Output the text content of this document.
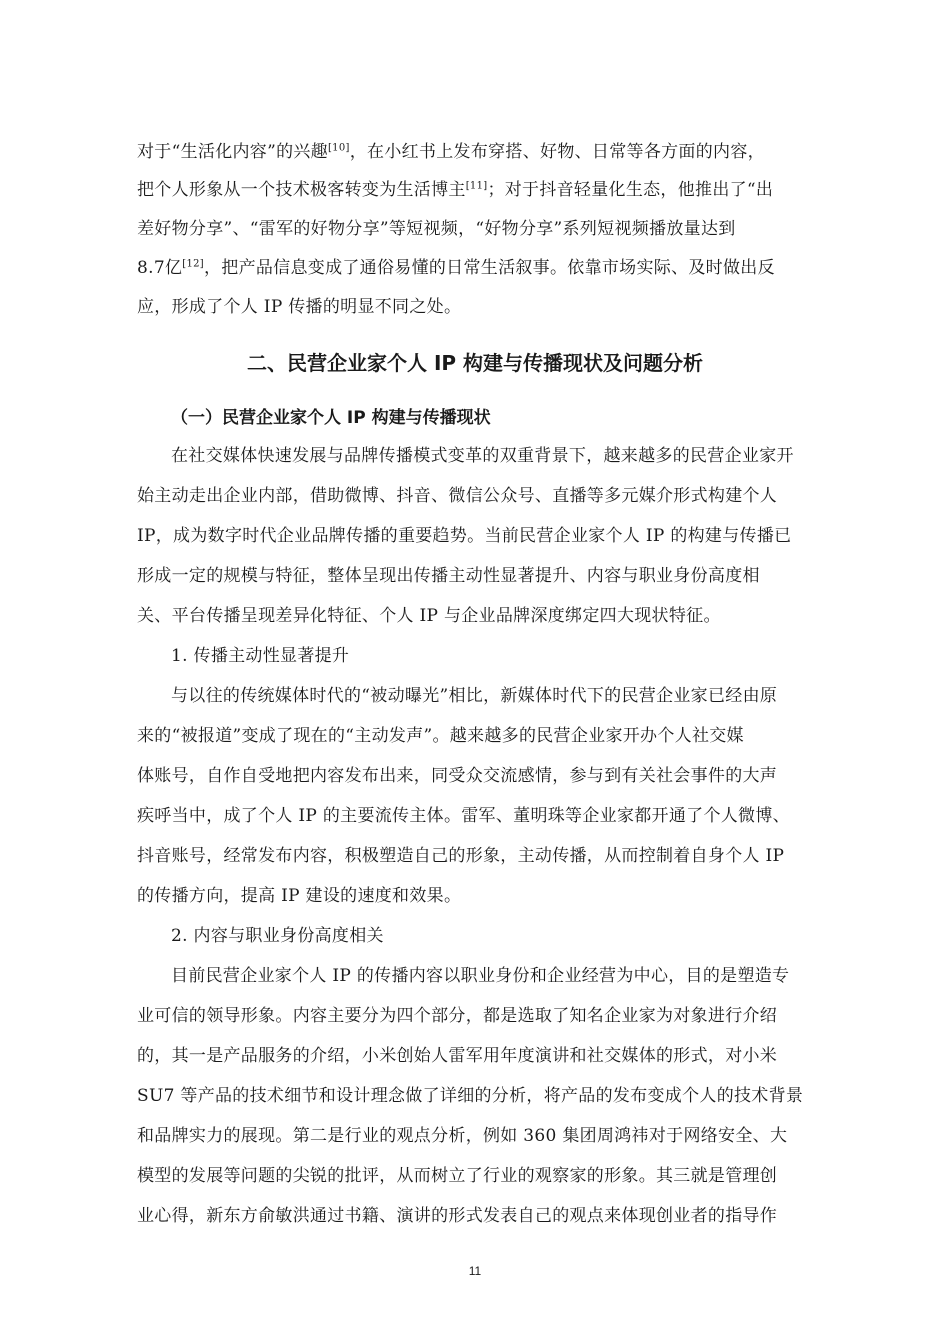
对于“生活化内容”的兴趣[10]，在小红书上发布穿搭、好物、日常等各方面的内容，
把个人形象从一个技术极客转变为生活博主[11]；对于抖音轻量化生态，他推出了“出
差好物分享”、“雷军的好物分享”等短视频，“好物分享”系列短视频播放量达到
8.7亿[12]，把产品信息变成了通俗易懂的日常生活叙事。依靠市场实际、及时做出反
应，形成了个人 IP 传播的明显不同之处。
二、民营企业家个人 IP 构建与传播现状及问题分析
（一）民营企业家个人 IP 构建与传播现状
在社交媒体快速发展与品牌传播模式变革的双重背景下，越来越多的民营企业家开
始主动走出企业内部，借助微博、抖音、微信公众号、直播等多元媒介形式构建个人
IP，成为数字时代企业品牌传播的重要趋势。当前民营企业家个人 IP 的构建与传播已
形成一定的规模与特征，整体呈现出传播主动性显著提升、内容与职业身份高度相
关、平台传播呈现差异化特征、个人 IP 与企业品牌深度绑定四大现状特征。
1. 传播主动性显著提升
与以往的传统媒体时代的“被动曝光”相比，新媒体时代下的民营企业家已经由原
来的“被报道”变成了现在的“主动发声”。越来越多的民营企业家开办个人社交媒
体账号，自作自受地把内容发布出来，同受众交流感情，参与到有关社会事件的大声
疾呼当中，成了个人 IP 的主要流传主体。雷军、董明珠等企业家都开通了个人微博、
抖音账号，经常发布内容，积极塑造自己的形象，主动传播，从而控制着自身个人 IP
的传播方向，提高 IP 建设的速度和效果。
2. 内容与职业身份高度相关
目前民营企业家个人 IP 的传播内容以职业身份和企业经营为中心，目的是塑造专
业可信的领导形象。内容主要分为四个部分，都是选取了知名企业家为对象进行介绍
的，其一是产品服务的介绍，小米创始人雷军用年度演讲和社交媒体的形式，对小米
SU7 等产品的技术细节和设计理念做了详细的分析，将产品的发布变成个人的技术背景
和品牌实力的展现。第二是行业的观点分析，例如 360 集团周鸿祎对于网络安全、大
模型的发展等问题的尖锐的批评，从而树立了行业的观察家的形象。其三就是管理创
业心得，新东方俞敏洪通过书籍、演讲的形式发表自己的观点来体现创业者的指导作
11
